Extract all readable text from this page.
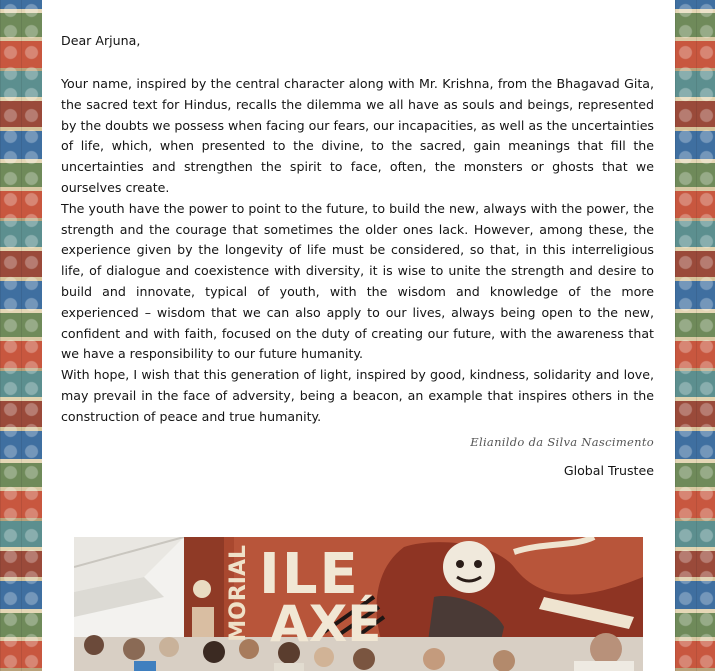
Dear Arjuna,

Your name, inspired by the central character along with Mr. Krishna, from the Bhagavad Gita, the sacred text for Hindus, recalls the dilemma we all have as souls and beings, represented by the doubts we possess when facing our fears, our incapacities, as well as the uncertainties of life, which, when presented to the divine, to the sacred, gain meanings that fill the uncertainties and strengthen the spirit to face, often, the monsters or ghosts that we ourselves create.

The youth have the power to point to the future, to build the new, always with the power, the strength and the courage that sometimes the older ones lack. However, among these, the experience given by the longevity of life must be considered, so that, in this interreligious life, of dialogue and coexistence with diversity, it is wise to unite the strength and desire to build and innovate, typical of youth, with the wisdom and knowledge of the more experienced – wisdom that we can also apply to our lives, always being open to the new, confident and with faith, focused on the duty of creating our future, with the awareness that we have a responsibility to our future humanity.

With hope, I wish that this generation of light, inspired by good, kindness, solidarity and love, may prevail in the face of adversity, being a beacon, an example that inspires others in the construction of peace and true humanity.

Elianildo da Silva Nascimento

Global Trustee

MORIAL ILE
AXÉ
